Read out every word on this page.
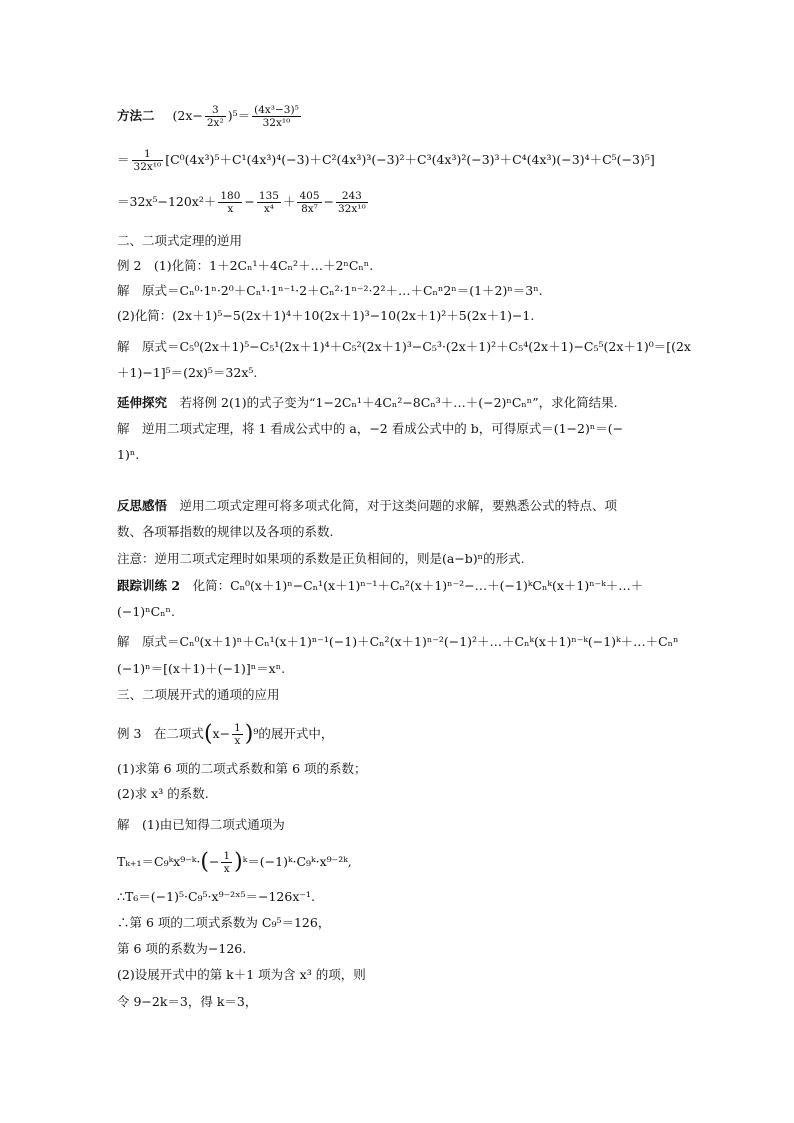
方法二 $(2x- \frac{3}{\text{2x²}} )^5= \frac{\text{(4x³−3)⁵}}{\text{32x¹⁰}}$
＝ $\frac{1}{\text{32x¹⁰}} [C^0(4x^3)^5+C^1(4x^3)^4(-3)+C^2(4x^3)^3(-3)^2+C^3(4x^3)^2(-3)^3+C^4(4x^3)(-3)^4+C^5(-3)^5]$
$=32x^5-120x^2+ \frac{180}{x} - \frac{135}{\text{x⁴}} + \frac{405}{\text{8x⁷}} - \frac{243}{\text{32x¹⁰}}$
二、二项式定理的逆用
例 2　(1)化简：1＋2Cₙ¹＋4Cₙ²＋…＋2ⁿCₙⁿ.
解　原式＝Cₙ⁰·1ⁿ·2⁰＋Cₙ¹·1ⁿ⁻¹·2＋Cₙ²·1ⁿ⁻²·2²＋…＋Cₙⁿ2ⁿ＝(1＋2)ⁿ＝3ⁿ.
(2)化简：(2x＋1)⁵−5(2x＋1)⁴＋10(2x＋1)³−10(2x＋1)²＋5(2x＋1)−1.
解　原式＝C₅⁰(2x＋1)⁵−C₅¹(2x＋1)⁴＋C₅²(2x＋1)³−C₅³·(2x＋1)²＋C₅⁴(2x＋1)−C₅⁵(2x＋1)⁰＝[(2x
＋1)−1]⁵＝(2x)⁵＝32x⁵.
延伸探究　若将例 2(1)的式子变为“1−2Cₙ¹＋4Cₙ²−8Cₙ³＋…＋(−2)ⁿCₙⁿ”，求化简结果.
解　逆用二项式定理，将 1 看成公式中的 a，−2 看成公式中的 b，可得原式＝(1−2)ⁿ＝(−
1)ⁿ.
反思感悟　逆用二项式定理可将多项式化简，对于这类问题的求解，要熟悉公式的特点、项
数、各项幂指数的规律以及各项的系数.
注意：逆用二项式定理时如果项的系数是正负相间的，则是(a−b)ⁿ的形式.
跟踪训练 2　化简：Cₙ⁰(x＋1)ⁿ−Cₙ¹(x＋1)ⁿ⁻¹＋Cₙ²(x＋1)ⁿ⁻²−…＋(−1)ᵏCₙᵏ(x＋1)ⁿ⁻ᵏ＋…＋
(−1)ⁿCₙⁿ.
解　原式＝Cₙ⁰(x＋1)ⁿ＋Cₙ¹(x＋1)ⁿ⁻¹(−1)＋Cₙ²(x＋1)ⁿ⁻²(−1)²＋…＋Cₙᵏ(x＋1)ⁿ⁻ᵏ(−1)ᵏ＋…＋Cₙⁿ
(−1)ⁿ＝[(x＋1)＋(−1)]ⁿ＝xⁿ.
三、二项展开式的通项的应用
例 3　在二项式$(x- \frac{1}{x} )^9$的展开式中，
(1)求第 6 项的二项式系数和第 6 项的系数；
(2)求 x³ 的系数.
解　(1)由已知得二项式通项为
Tₖ₊₁＝C₉ᵏx⁹⁻ᵏ·(− $\frac{1}{x}$ )ᵏ＝(−1)ᵏ·C₉ᵏ·x⁹⁻²ᵏ,
∴T₆＝(−1)⁵·C₉⁵·x⁹⁻²ˣ⁵＝−126x⁻¹.
∴第 6 项的二项式系数为 C₉⁵＝126，
第 6 项的系数为−126.
(2)设展开式中的第 k＋1 项为含 x³ 的项，则
令 9−2k＝3，得 k＝3，
